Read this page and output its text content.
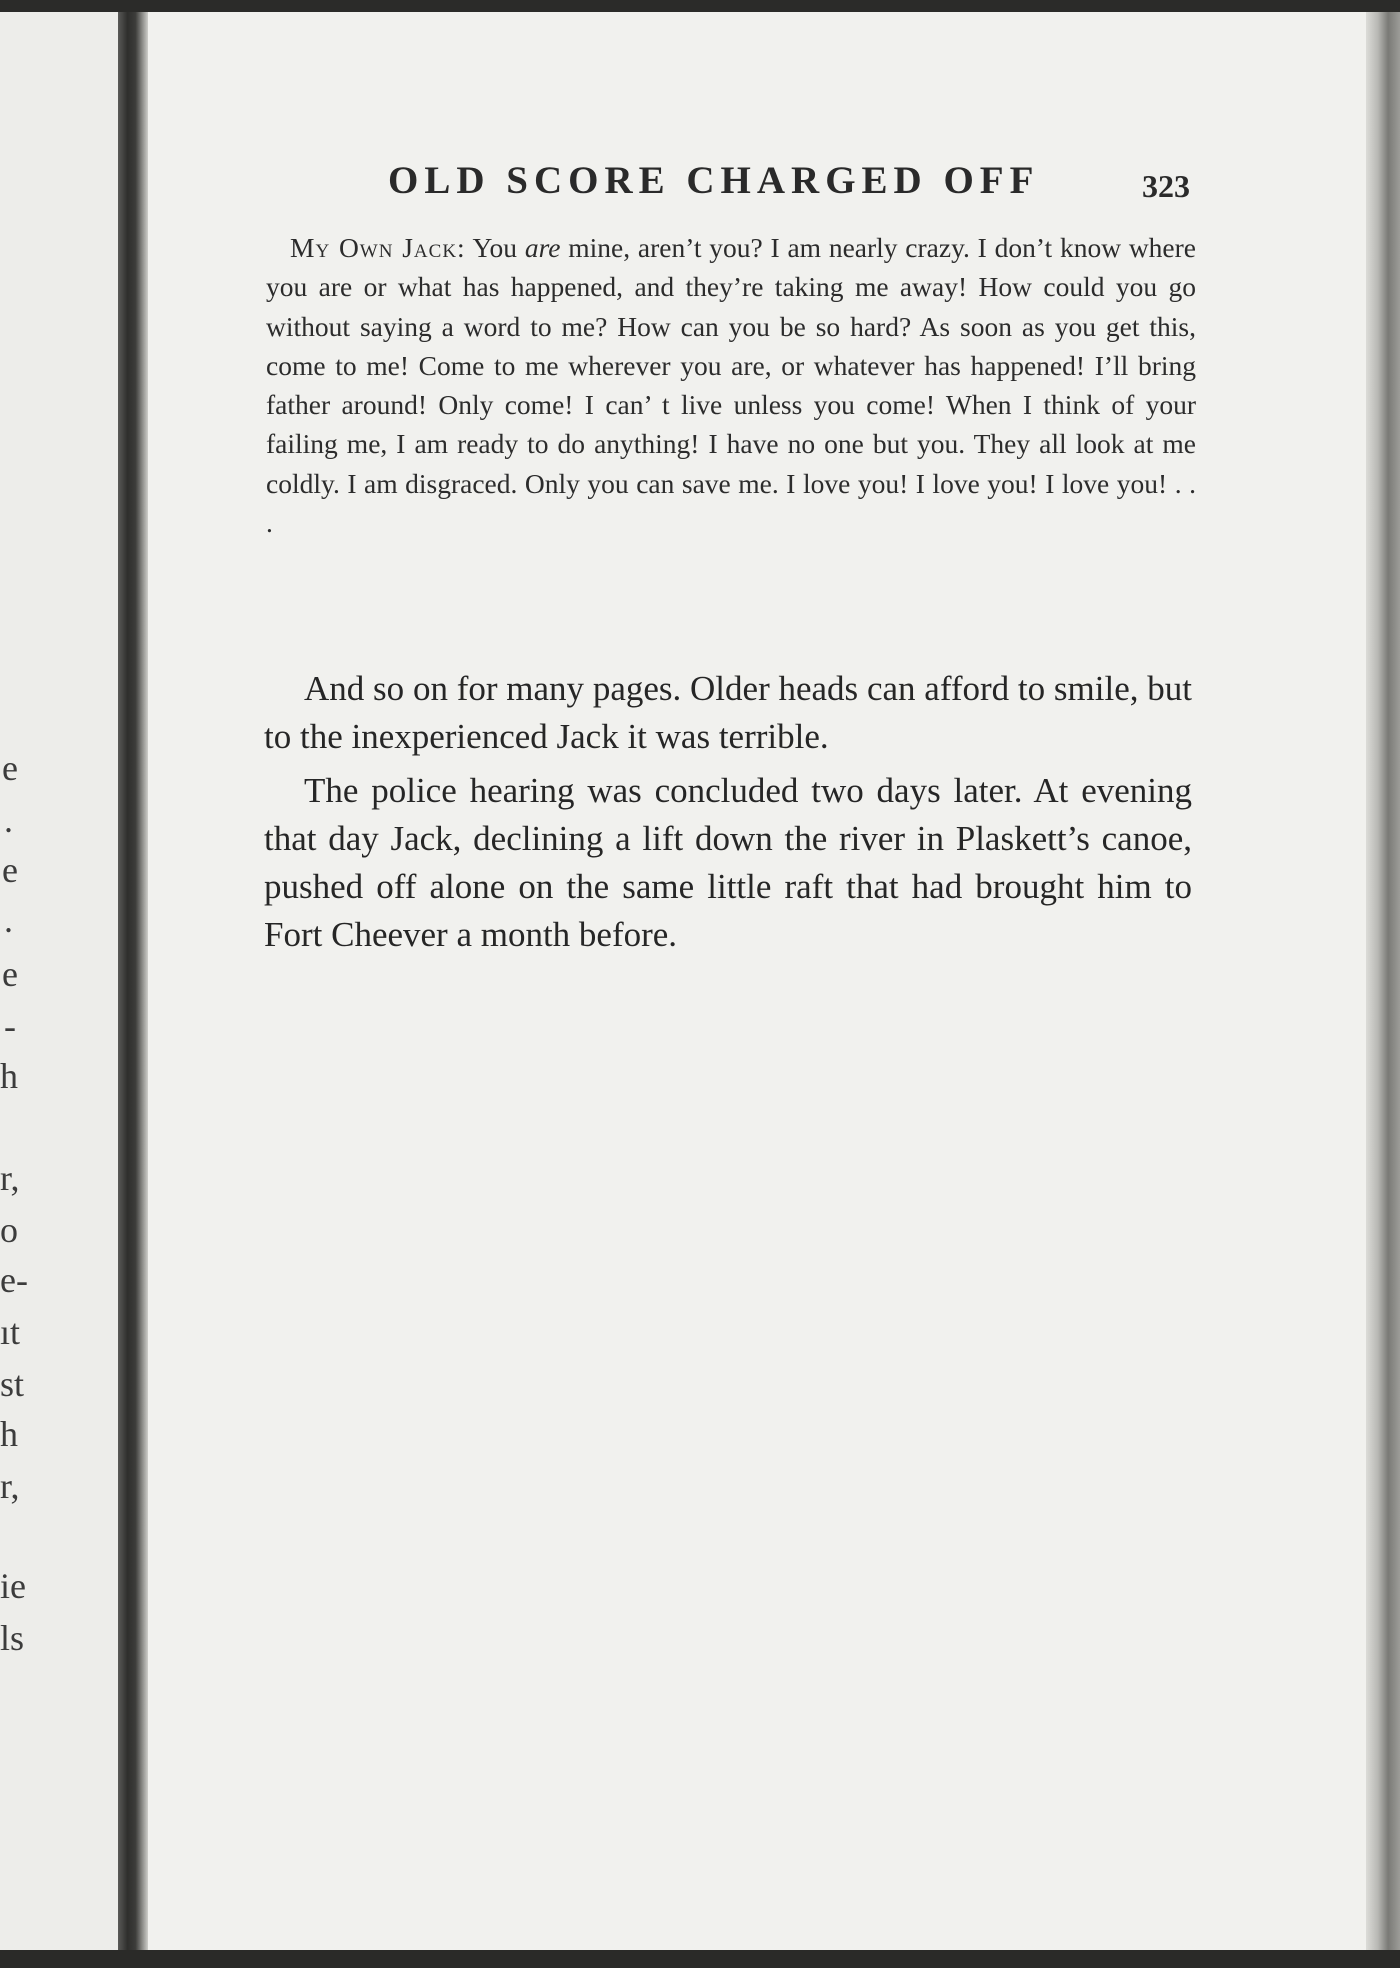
e
.
e
.
e
-
h
r,
o
e-
ıt
st
h
r,
ie
ls
OLD SCORE CHARGED OFF	323

My Own Jack: You are mine, aren’t you? I am nearly crazy. I don’t know where you are or what has happened, and they’re taking me away! How could you go without saying a word to me? How can you be so hard? As soon as you get this, come to me! Come to me wherever you are, or whatever has happened! I’ll bring father around! Only come! I can’ t live unless you come! When I think of your failing me, I am ready to do anything! I have no one but you. They all look at me coldly. I am disgraced. Only you can save me. I love you! I love you! I love you! . . .

And so on for many pages. Older heads can afford to smile, but to the inexperienced Jack it was terrible.

The police hearing was concluded two days later. At evening that day Jack, declining a lift down the river in Plaskett’s canoe, pushed off alone on the same little raft that had brought him to Fort Cheever a month before.
